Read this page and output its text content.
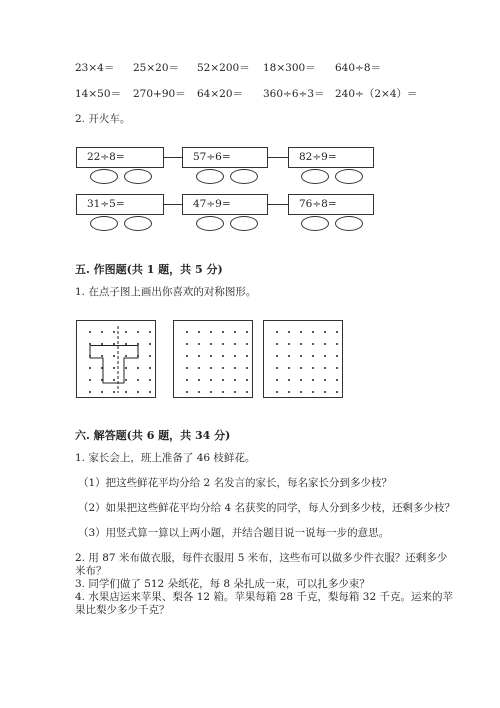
23×4＝ 25×20＝ 52×200＝ 18×300＝ 640÷8＝
14×50＝ 270+90＝ 64×20＝ 360÷6÷3＝ 240÷（2×4）＝
2. 开火车。
22÷8=	57÷6=	82÷9=
31÷5=	47÷9=	76÷8=
五. 作图题(共 1 题，共 5 分)
1. 在点子图上画出你喜欢的对称图形。
六. 解答题(共 6 题，共 34 分)
1. 家长会上，班上准备了 46 枝鲜花。
（1）把这些鲜花平均分给 2 名发言的家长，每名家长分到多少枝？
（2）如果把这些鲜花平均分给 4 名获奖的同学，每人分到多少枝，还剩多少枝？
（3）用竖式算一算以上两小题，并结合题目说一说每一步的意思。
2. 用 87 米布做衣服，每件衣服用 5 米布，这些布可以做多少件衣服？还剩多少
米布？
3. 同学们做了 512 朵纸花，每 8 朵扎成一束，可以扎多少束？
4. 水果店运来苹果、梨各 12 箱。苹果每箱 28 千克，梨每箱 32 千克。运来的苹
果比梨少多少千克？
